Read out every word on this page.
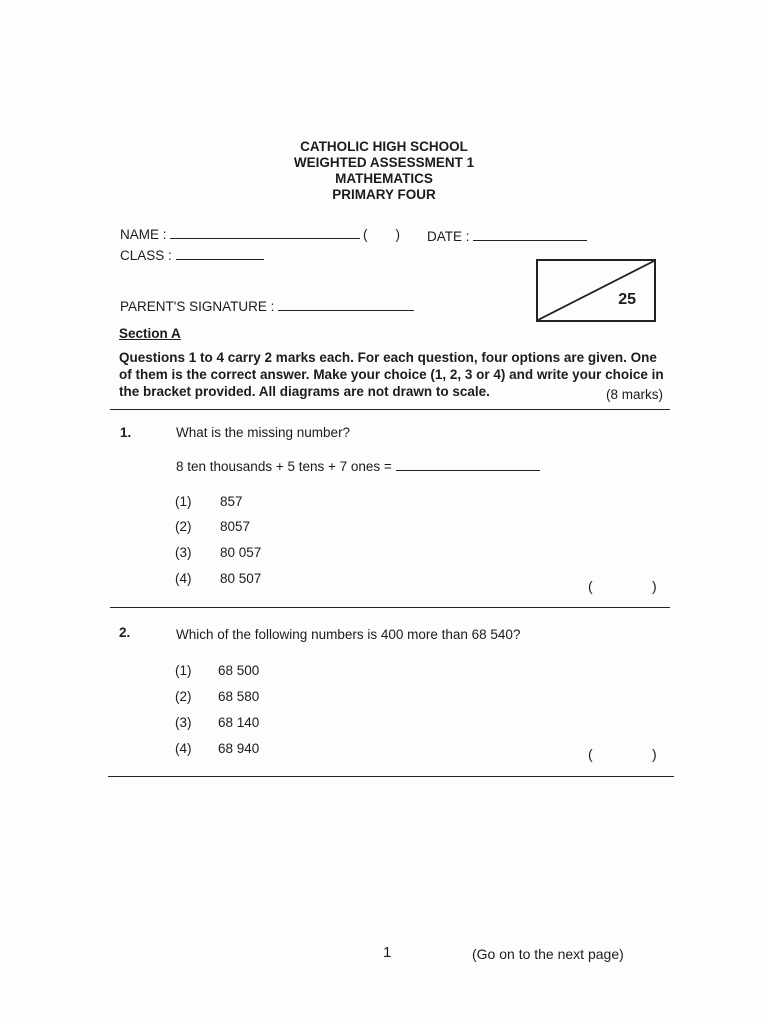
CATHOLIC HIGH SCHOOL
WEIGHTED ASSESSMENT 1
MATHEMATICS
PRIMARY FOUR
NAME :	( ) DATE :
CLASS :
PARENT'S SIGNATURE :	25
Section A
Questions 1 to 4 carry 2 marks each. For each question, four options are given. One of them is the correct answer. Make your choice (1, 2, 3 or 4) and write your choice in the bracket provided. All diagrams are not drawn to scale.	(8 marks)
1.	What is the missing number?
8 ten thousands + 5 tens + 7 ones =
(1) 857
(2) 8057
(3) 80 057
(4) 80 507	(	)
2.	Which of the following numbers is 400 more than 68 540?
(1) 68 500
(2) 68 580
(3) 68 140
(4) 68 940	(	)
1	(Go on to the next page)
